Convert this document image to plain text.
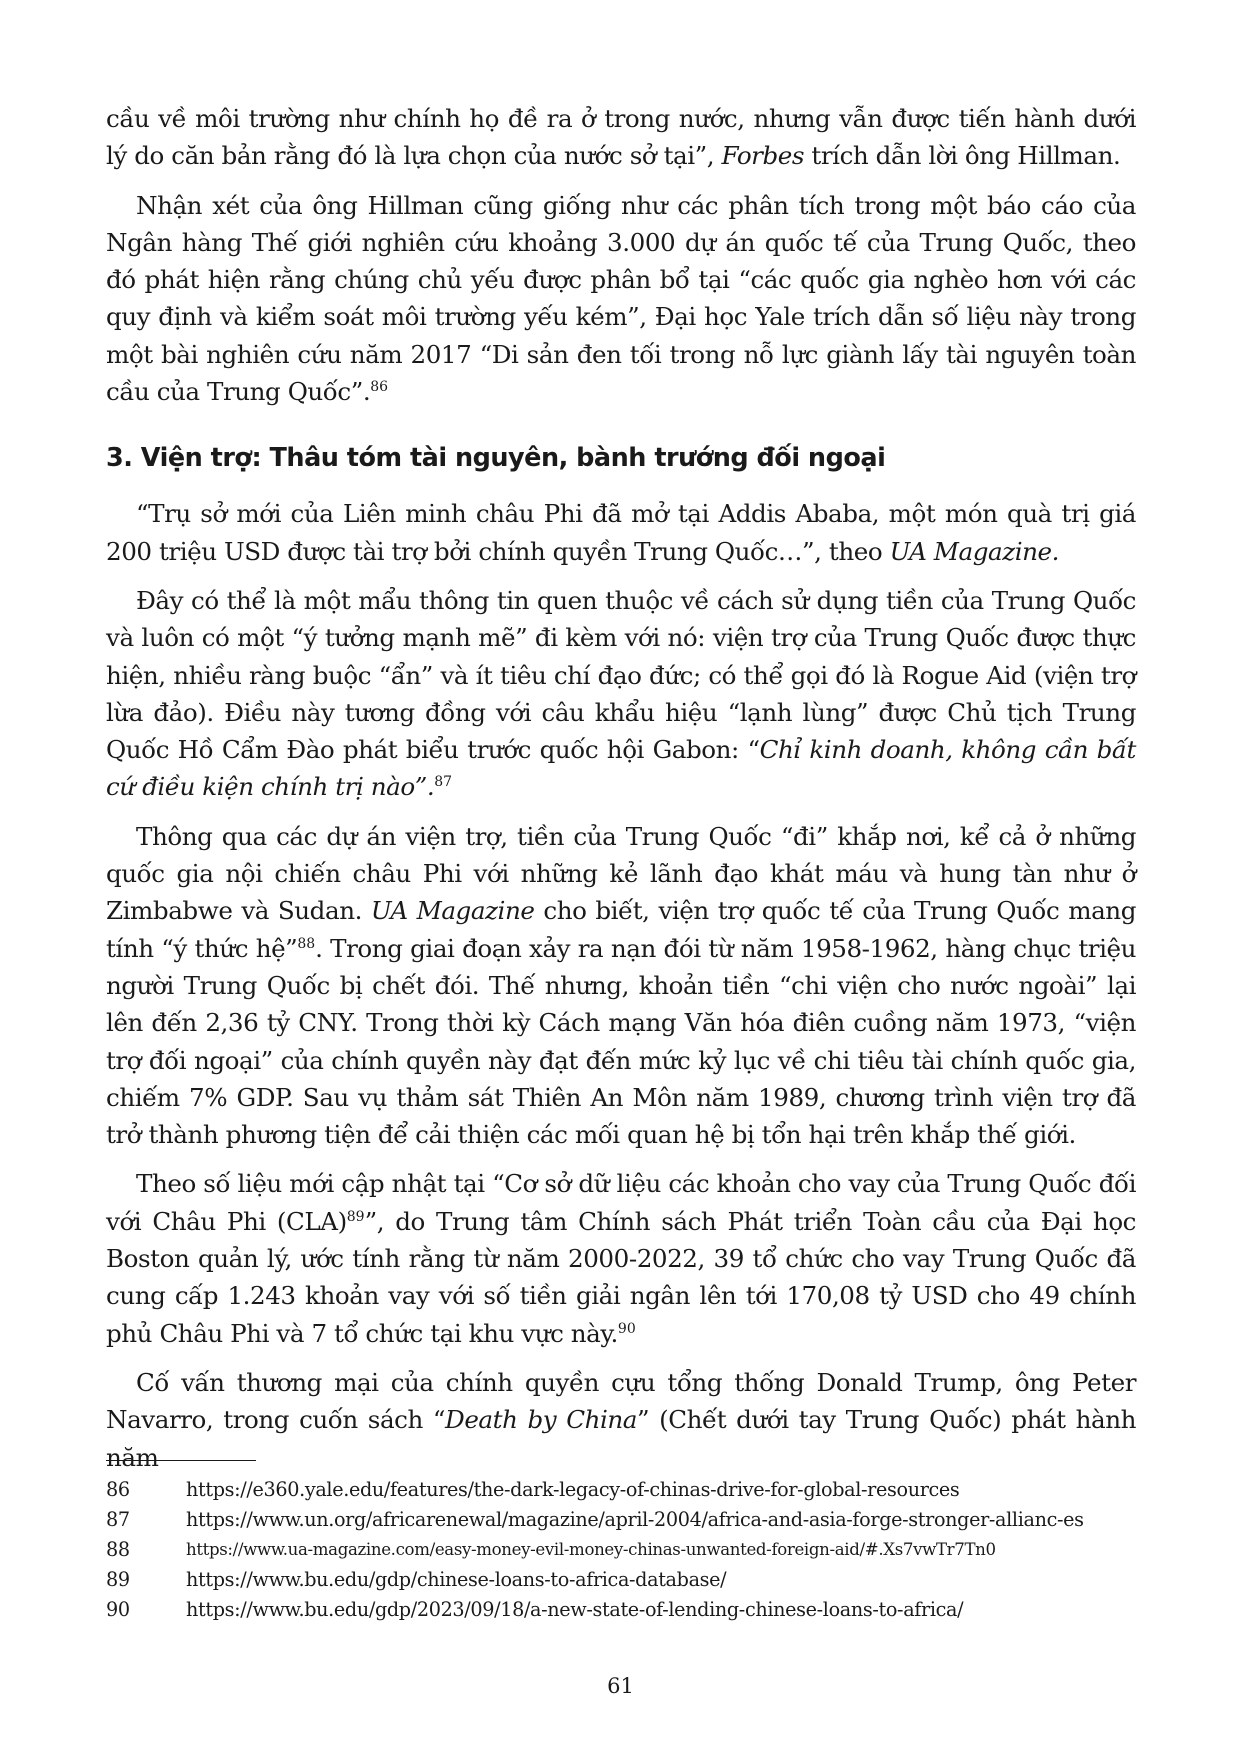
cầu về môi trường như chính họ đề ra ở trong nước, nhưng vẫn được tiến hành dưới lý do căn bản rằng đó là lựa chọn của nước sở tại”, Forbes trích dẫn lời ông Hillman.

Nhận xét của ông Hillman cũng giống như các phân tích trong một báo cáo của Ngân hàng Thế giới nghiên cứu khoảng 3.000 dự án quốc tế của Trung Quốc, theo đó phát hiện rằng chúng chủ yếu được phân bổ tại “các quốc gia nghèo hơn với các quy định và kiểm soát môi trường yếu kém”, Đại học Yale trích dẫn số liệu này trong một bài nghiên cứu năm 2017 “Di sản đen tối trong nỗ lực giành lấy tài nguyên toàn cầu của Trung Quốc”.$^{86}$

3. Viện trợ: Thâu tóm tài nguyên, bành trướng đối ngoại

“Trụ sở mới của Liên minh châu Phi đã mở tại Addis Ababa, một món quà trị giá 200 triệu USD được tài trợ bởi chính quyền Trung Quốc…”, theo UA Magazine.

Đây có thể là một mẩu thông tin quen thuộc về cách sử dụng tiền của Trung Quốc và luôn có một “ý tưởng mạnh mẽ” đi kèm với nó: viện trợ của Trung Quốc được thực hiện, nhiều ràng buộc “ẩn” và ít tiêu chí đạo đức; có thể gọi đó là Rogue Aid (viện trợ lừa đảo). Điều này tương đồng với câu khẩu hiệu “lạnh lùng” được Chủ tịch Trung Quốc Hồ Cẩm Đào phát biểu trước quốc hội Gabon: “Chỉ kinh doanh, không cần bất cứ điều kiện chính trị nào”.$^{87}$

Thông qua các dự án viện trợ, tiền của Trung Quốc “đi” khắp nơi, kể cả ở những quốc gia nội chiến châu Phi với những kẻ lãnh đạo khát máu và hung tàn như ở Zimbabwe và Sudan. UA Magazine cho biết, viện trợ quốc tế của Trung Quốc mang tính “ý thức hệ”$^{88}$. Trong giai đoạn xảy ra nạn đói từ năm 1958-1962, hàng chục triệu người Trung Quốc bị chết đói. Thế nhưng, khoản tiền “chi viện cho nước ngoài” lại lên đến 2,36 tỷ CNY. Trong thời kỳ Cách mạng Văn hóa điên cuồng năm 1973, “viện trợ đối ngoại” của chính quyền này đạt đến mức kỷ lục về chi tiêu tài chính quốc gia, chiếm 7% GDP. Sau vụ thảm sát Thiên An Môn năm 1989, chương trình viện trợ đã trở thành phương tiện để cải thiện các mối quan hệ bị tổn hại trên khắp thế giới.

Theo số liệu mới cập nhật tại “Cơ sở dữ liệu các khoản cho vay của Trung Quốc đối với Châu Phi (CLA)$^{89}$”, do Trung tâm Chính sách Phát triển Toàn cầu của Đại học Boston quản lý, ước tính rằng từ năm 2000-2022, 39 tổ chức cho vay Trung Quốc đã cung cấp 1.243 khoản vay với số tiền giải ngân lên tới 170,08 tỷ USD cho 49 chính phủ Châu Phi và 7 tổ chức tại khu vực này.$^{90}$

Cố vấn thương mại của chính quyền cựu tổng thống Donald Trump, ông Peter Navarro, trong cuốn sách “Death by China” (Chết dưới tay Trung Quốc) phát hành năm

86	https://e360.yale.edu/features/the-dark-legacy-of-chinas-drive-for-global-resources
87	https://www.un.org/africarenewal/magazine/april-2004/africa-and-asia-forge-stronger-allianc-es
88	https://www.ua-magazine.com/easy-money-evil-money-chinas-unwanted-foreign-aid/#.Xs7vwTr7Tn0
89	https://www.bu.edu/gdp/chinese-loans-to-africa-database/
90	https://www.bu.edu/gdp/2023/09/18/a-new-state-of-lending-chinese-loans-to-africa/
61
